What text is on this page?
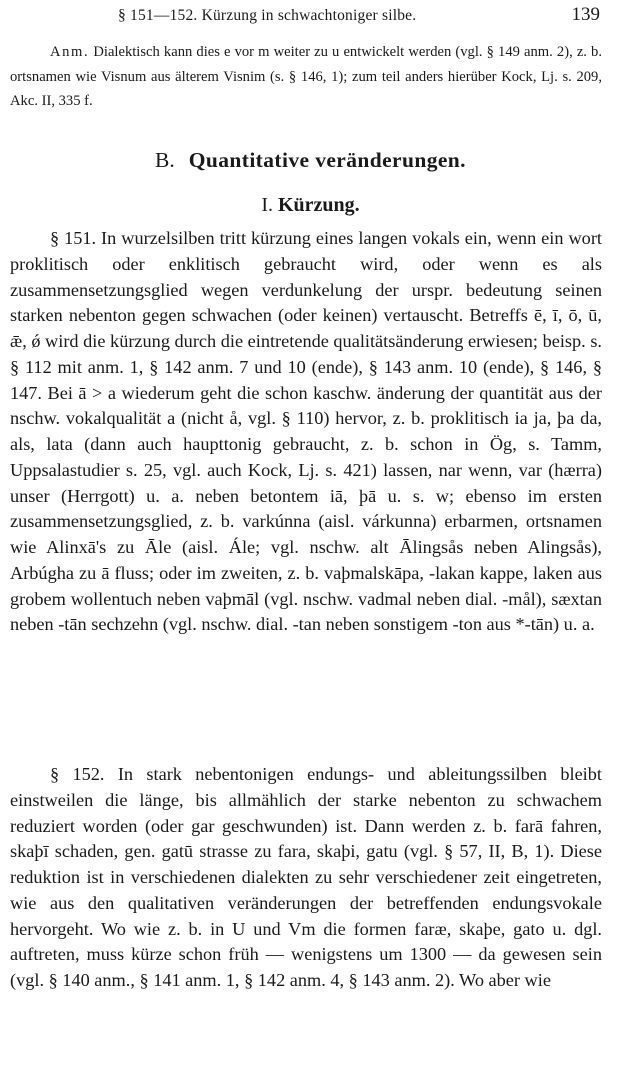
§ 151—152. Kürzung in schwachtoniger silbe.	139
Anm. Dialektisch kann dies e vor m weiter zu u entwickelt werden (vgl. § 149 anm. 2), z. b. ortsnamen wie Visnum aus älterem Visnim (s. § 146, 1); zum teil anders hierüber Kock, Lj. s. 209, Akc. II, 335 f.
B. Quantitative veränderungen.
I. Kürzung.

§ 151. In wurzelsilben tritt kürzung eines langen vokals ein, wenn ein wort proklitisch oder enklitisch gebraucht wird, oder wenn es als zusammensetzungsglied wegen verdunkelung der urspr. bedeutung seinen starken nebenton gegen schwachen (oder keinen) vertauscht. Betreffs ē, ī, ō, ū, ǣ, ǿ wird die kürzung durch die eintretende qualitätsänderung erwiesen; beisp. s. § 112 mit anm. 1, § 142 anm. 7 und 10 (ende), § 143 anm. 10 (ende), § 146, § 147. Bei ā > a wiederum geht die schon kaschw. änderung der quantität aus der nschw. vokalqualität a (nicht å, vgl. § 110) hervor, z. b. proklitisch ia ja, þa da, als, lata (dann auch haupttonig gebraucht, z. b. schon in Ög, s. Tamm, Uppsalastudier s. 25, vgl. auch Kock, Lj. s. 421) lassen, nar wenn, var (hærra) unser (Herrgott) u. a. neben betontem iā, þā u. s. w; ebenso im ersten zusammensetzungsglied, z. b. varkúnna (aisl. várkunna) erbarmen, ortsnamen wie Alinxā's zu Āle (aisl. Ále; vgl. nschw. alt Ālingsås neben Alingsås), Arbúgha zu ā fluss; oder im zweiten, z. b. vaþmalskāpa, -lakan kappe, laken aus grobem wollentuch neben vaþmāl (vgl. nschw. vadmal neben dial. -mål), sæxtan neben -tān sechzehn (vgl. nschw. dial. -tan neben sonstigem -ton aus *-tān) u. a.

§ 152. In stark nebentonigen endungs- und ableitungssilben bleibt einstweilen die länge, bis allmählich der starke nebenton zu schwachem reduziert worden (oder gar geschwunden) ist. Dann werden z. b. farā fahren, skaþī schaden, gen. gatū strasse zu fara, skaþi, gatu (vgl. § 57, II, B, 1). Diese reduktion ist in verschiedenen dialekten zu sehr verschiedener zeit eingetreten, wie aus den qualitativen veränderungen der betreffenden endungsvokale hervorgeht. Wo wie z. b. in U und Vm die formen faræ, skaþe, gato u. dgl. auftreten, muss kürze schon früh — wenigstens um 1300 — da gewesen sein (vgl. § 140 anm., § 141 anm. 1, § 142 anm. 4, § 143 anm. 2). Wo aber wie
